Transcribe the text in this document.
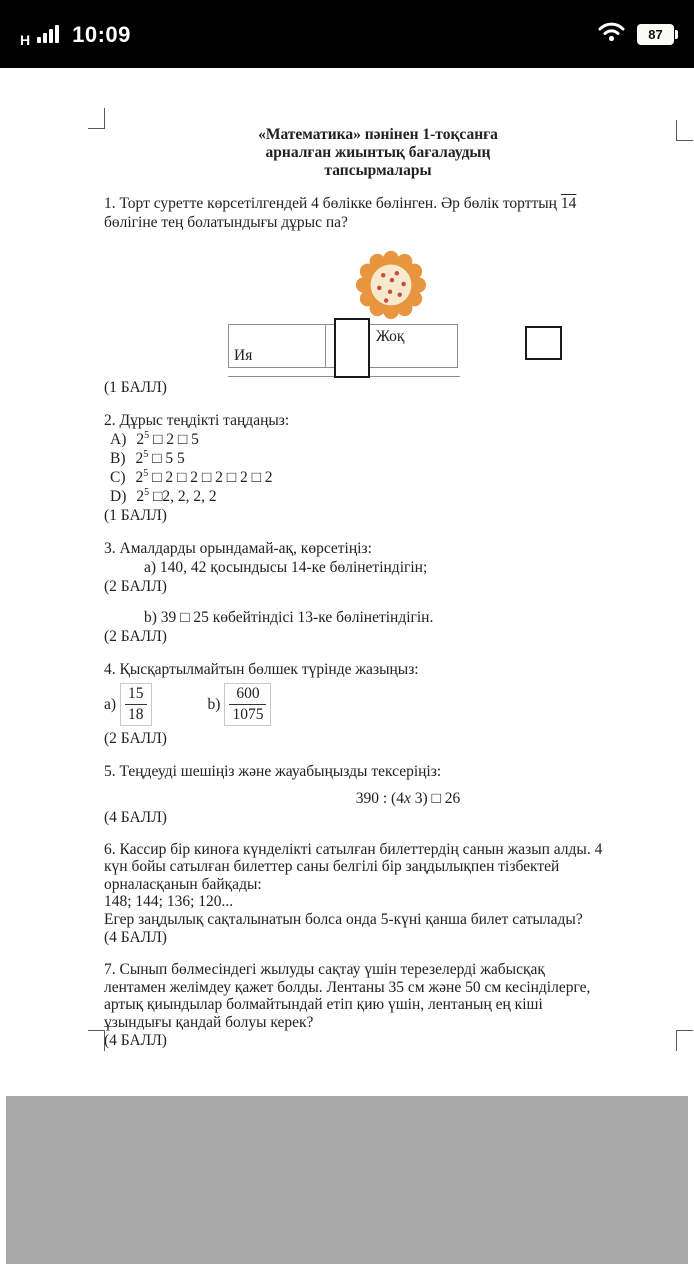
H 10:09	87
«Математика» пәнінен 1-тоқсанға
арналған жиынтық бағалаудың
тапсырмалары

1. Торт суретте көрсетілгендей 4 бөлікке бөлінген. Әр бөлік торттың 14
бөлігіне тең болатындығы дұрыс па?

Ия	Жоқ
(1 БАЛЛ)
2. Дұрыс теңдікті таңдаңыз:
A) $2^5$ □ 2 □ 5
B) $2^5$ □ 5 5
C) $2^5$ □ 2 □ 2 □ 2 □ 2 □ 2
D) $2^5$ □2, 2, 2, 2
(1 БАЛЛ)
3. Амалдарды орындамай-ақ, көрсетіңіз:
a) 140, 42 қосындысы 14-ке бөлінетіндігін;
(2 БАЛЛ)
b) 39 □ 25 көбейтіндісі 13-ке бөлінетіндігін.
(2 БАЛЛ)
4. Қысқартылмайтын бөлшек түрінде жазыңыз:
$a) \frac{15}{18}$	$b) \frac{600}{1075}$
(2 БАЛЛ)
5. Теңдеуді шешіңіз және жауабыңызды тексеріңіз:
390 : (4x 3) □ 26
(4 БАЛЛ)
6. Кассир бір киноға күнделікті сатылған билеттердің санын жазып алды. 4
күн бойы сатылған билеттер саны белгілі бір заңдылықпен тізбектей
орналасқанын байқады:
148; 144; 136; 120...
Егер заңдылық сақталынатын болса онда 5-күні қанша билет сатылады?
(4 БАЛЛ)
7. Сынып бөлмесіндегі жылуды сақтау үшін терезелерді жабысқақ
лентамен желімдеу қажет болды. Лентаны 35 см және 50 см кесінділерге,
артық қиындылар болмайтындай етіп қию үшін, лентаның ең кіші
ұзындығы қандай болуы керек?
(4 БАЛЛ)
